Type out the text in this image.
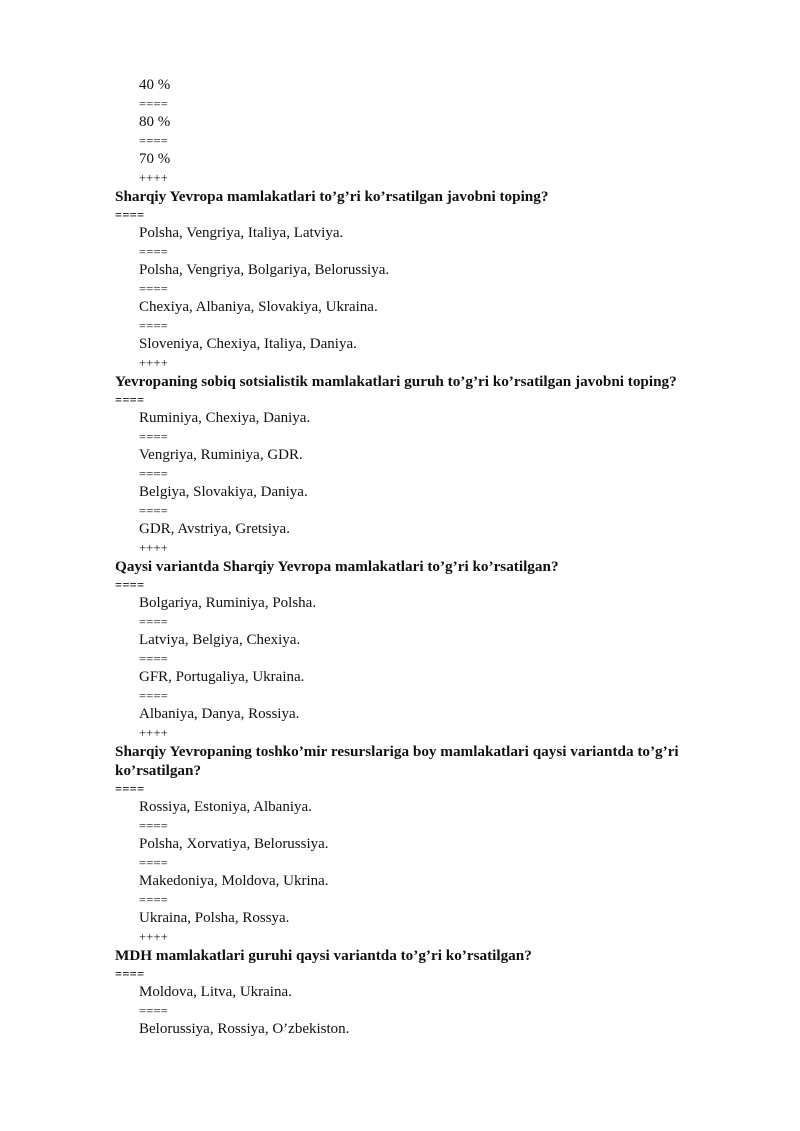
40 %
====
80 %
====
70 %
++++
Sharqiy Yevropa mamlakatlari to’g’ri ko’rsatilgan javobni toping?
====
Polsha, Vengriya, Italiya, Latviya.
====
Polsha, Vengriya, Bolgariya, Belorussiya.
====
Chexiya, Albaniya, Slovakiya, Ukraina.
====
Sloveniya, Chexiya, Italiya, Daniya.
++++
Yevropaning sobiq sotsialistik mamlakatlari guruh to’g’ri ko’rsatilgan javobni toping?
====
Ruminiya, Chexiya, Daniya.
====
Vengriya, Ruminiya, GDR.
====
Belgiya, Slovakiya, Daniya.
====
GDR, Avstriya, Gretsiya.
++++
Qaysi variantda Sharqiy Yevropa mamlakatlari to’g’ri ko’rsatilgan?
====
Bolgariya, Ruminiya, Polsha.
====
Latviya, Belgiya, Chexiya.
====
GFR, Portugaliya, Ukraina.
====
Albaniya, Danya, Rossiya.
++++
Sharqiy Yevropaning toshko’mir resurslariga boy mamlakatlari qaysi variantda to’g’ri ko’rsatilgan?
====
Rossiya, Estoniya, Albaniya.
====
Polsha, Xorvatiya, Belorussiya.
====
Makedoniya, Moldova, Ukrina.
====
Ukraina, Polsha, Rossya.
++++
MDH mamlakatlari guruhi qaysi variantda to’g’ri ko’rsatilgan?
====
Moldova, Litva, Ukraina.
====
Belorussiya, Rossiya, O’zbekiston.
